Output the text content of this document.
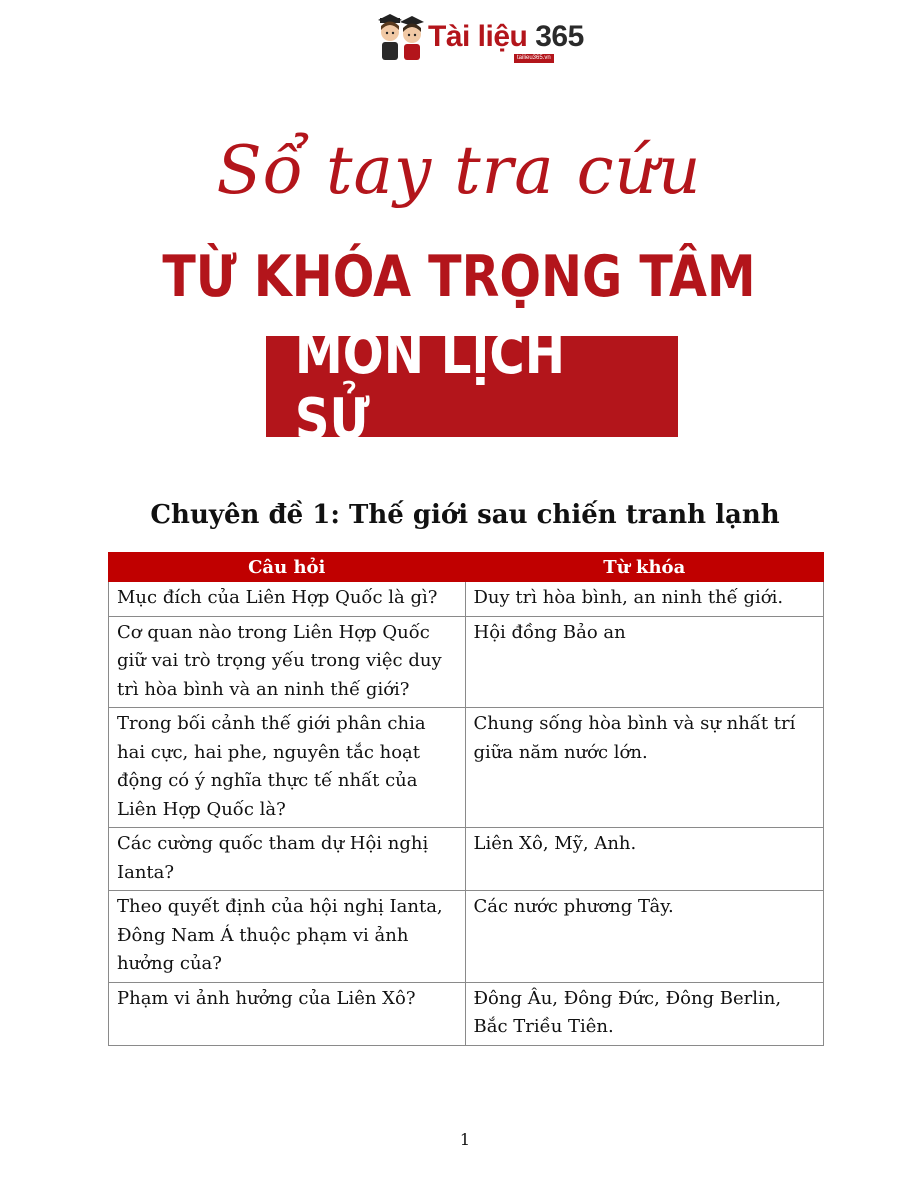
Tài liệu 365
tailieu365.vn
Sổ tay tra cứu
TỪ KHÓA TRỌNG TÂM
MÔN LỊCH SỬ
Chuyên đề 1: Thế giới sau chiến tranh lạnh
Câu hỏi	Từ khóa
Mục đích của Liên Hợp Quốc là gì?	Duy trì hòa bình, an ninh thế giới.
Cơ quan nào trong Liên Hợp Quốc giữ vai trò trọng yếu trong việc duy trì hòa bình và an ninh thế giới?	Hội đồng Bảo an
Trong bối cảnh thế giới phân chia hai cực, hai phe, nguyên tắc hoạt động có ý nghĩa thực tế nhất của Liên Hợp Quốc là?	Chung sống hòa bình và sự nhất trí giữa năm nước lớn.
Các cường quốc tham dự Hội nghị Ianta?	Liên Xô, Mỹ, Anh.
Theo quyết định của hội nghị Ianta, Đông Nam Á thuộc phạm vi ảnh hưởng của?	Các nước phương Tây.
Phạm vi ảnh hưởng của Liên Xô?	Đông Âu, Đông Đức, Đông Berlin, Bắc Triều Tiên.
1
